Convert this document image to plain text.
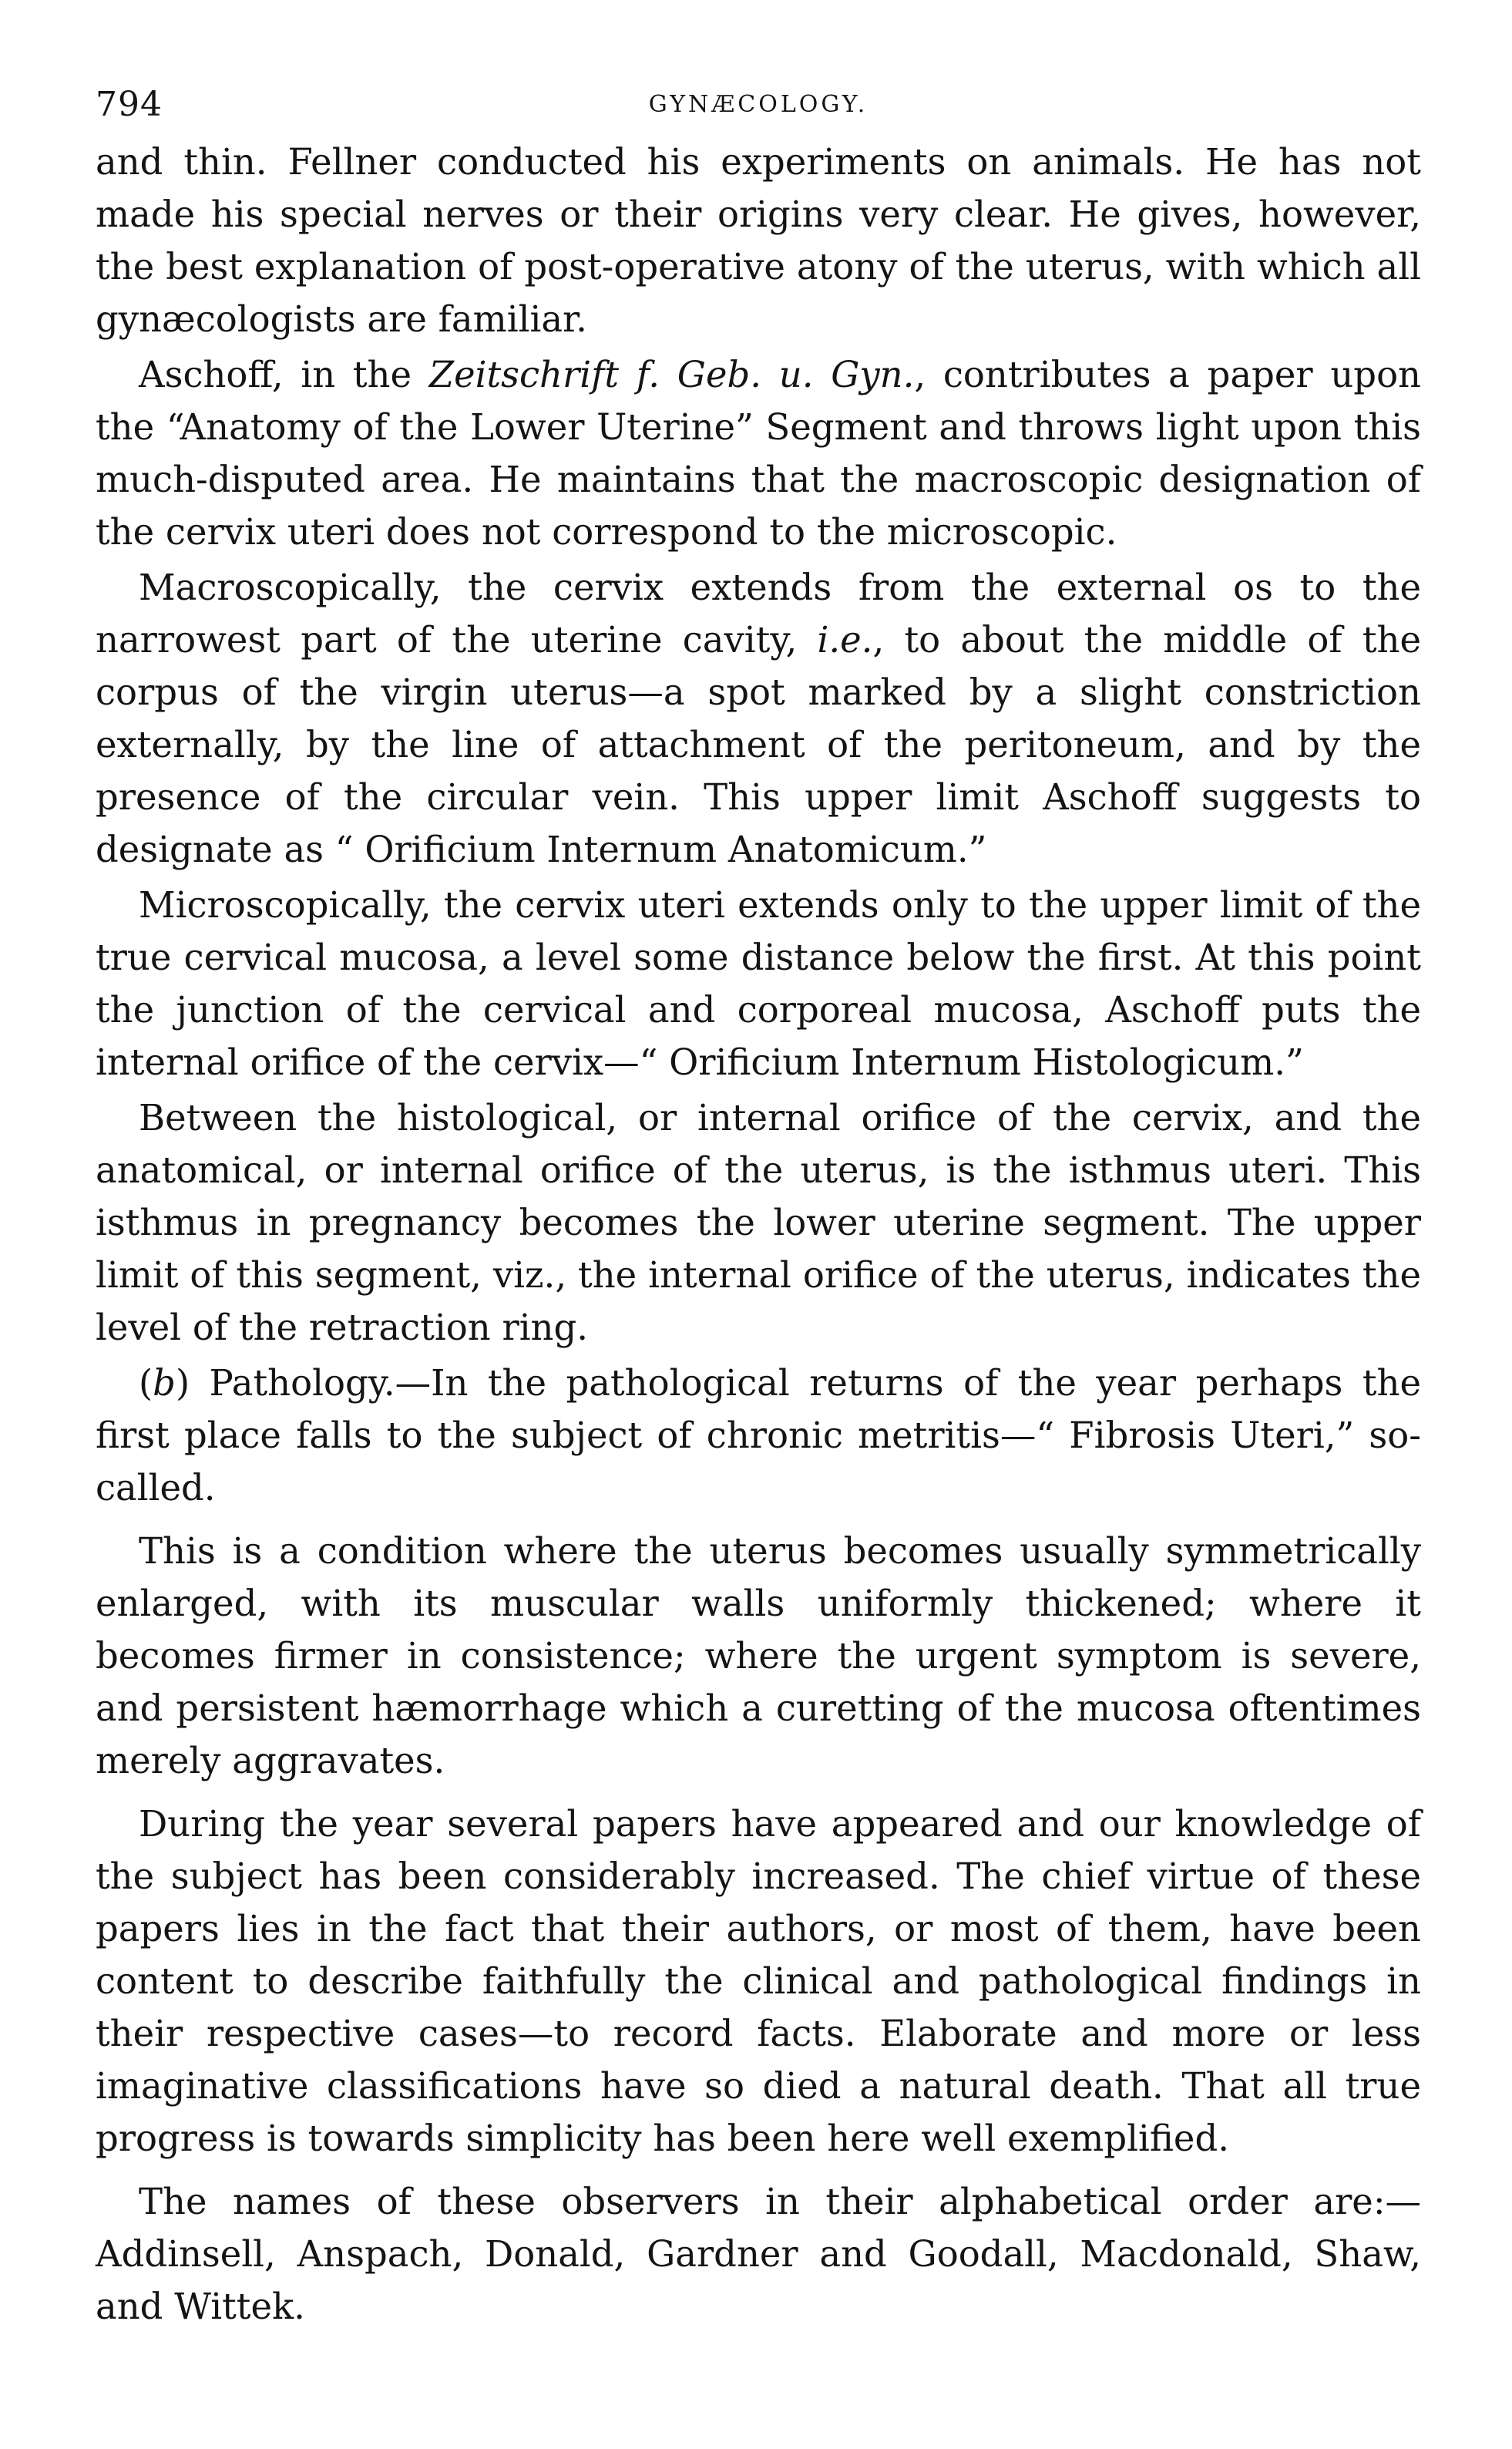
794	GYNÆCOLOGY.

and thin. Fellner conducted his experiments on animals. He has not made his special nerves or their origins very clear. He gives, however, the best explanation of post-operative atony of the uterus, with which all gynæcologists are familiar.

Aschoff, in the Zeitschrift f. Geb. u. Gyn., contributes a paper upon the “Anatomy of the Lower Uterine” Segment and throws light upon this much-disputed area. He maintains that the macroscopic designation of the cervix uteri does not correspond to the microscopic.

Macroscopically, the cervix extends from the external os to the narrowest part of the uterine cavity, i.e., to about the middle of the corpus of the virgin uterus—a spot marked by a slight constriction externally, by the line of attachment of the peritoneum, and by the presence of the circular vein. This upper limit Aschoff suggests to designate as “ Orificium Internum Anatomicum.”

Microscopically, the cervix uteri extends only to the upper limit of the true cervical mucosa, a level some distance below the first. At this point the junction of the cervical and corporeal mucosa, Aschoff puts the internal orifice of the cervix—“ Orificium Internum Histologicum.”

Between the histological, or internal orifice of the cervix, and the anatomical, or internal orifice of the uterus, is the isthmus uteri. This isthmus in pregnancy becomes the lower uterine segment. The upper limit of this segment, viz., the internal orifice of the uterus, indicates the level of the retraction ring.

(b) Pathology.—In the pathological returns of the year perhaps the first place falls to the subject of chronic metritis—“ Fibrosis Uteri,” so-called.

This is a condition where the uterus becomes usually symmetrically enlarged, with its muscular walls uniformly thickened; where it becomes firmer in consistence; where the urgent symptom is severe, and persistent hæmorrhage which a curetting of the mucosa oftentimes merely aggravates.

During the year several papers have appeared and our knowledge of the subject has been considerably increased. The chief virtue of these papers lies in the fact that their authors, or most of them, have been content to describe faithfully the clinical and pathological findings in their respective cases—to record facts. Elaborate and more or less imaginative classifications have so died a natural death. That all true progress is towards simplicity has been here well exemplified.

The names of these observers in their alphabetical order are:— Addinsell, Anspach, Donald, Gardner and Goodall, Macdonald, Shaw, and Wittek.
